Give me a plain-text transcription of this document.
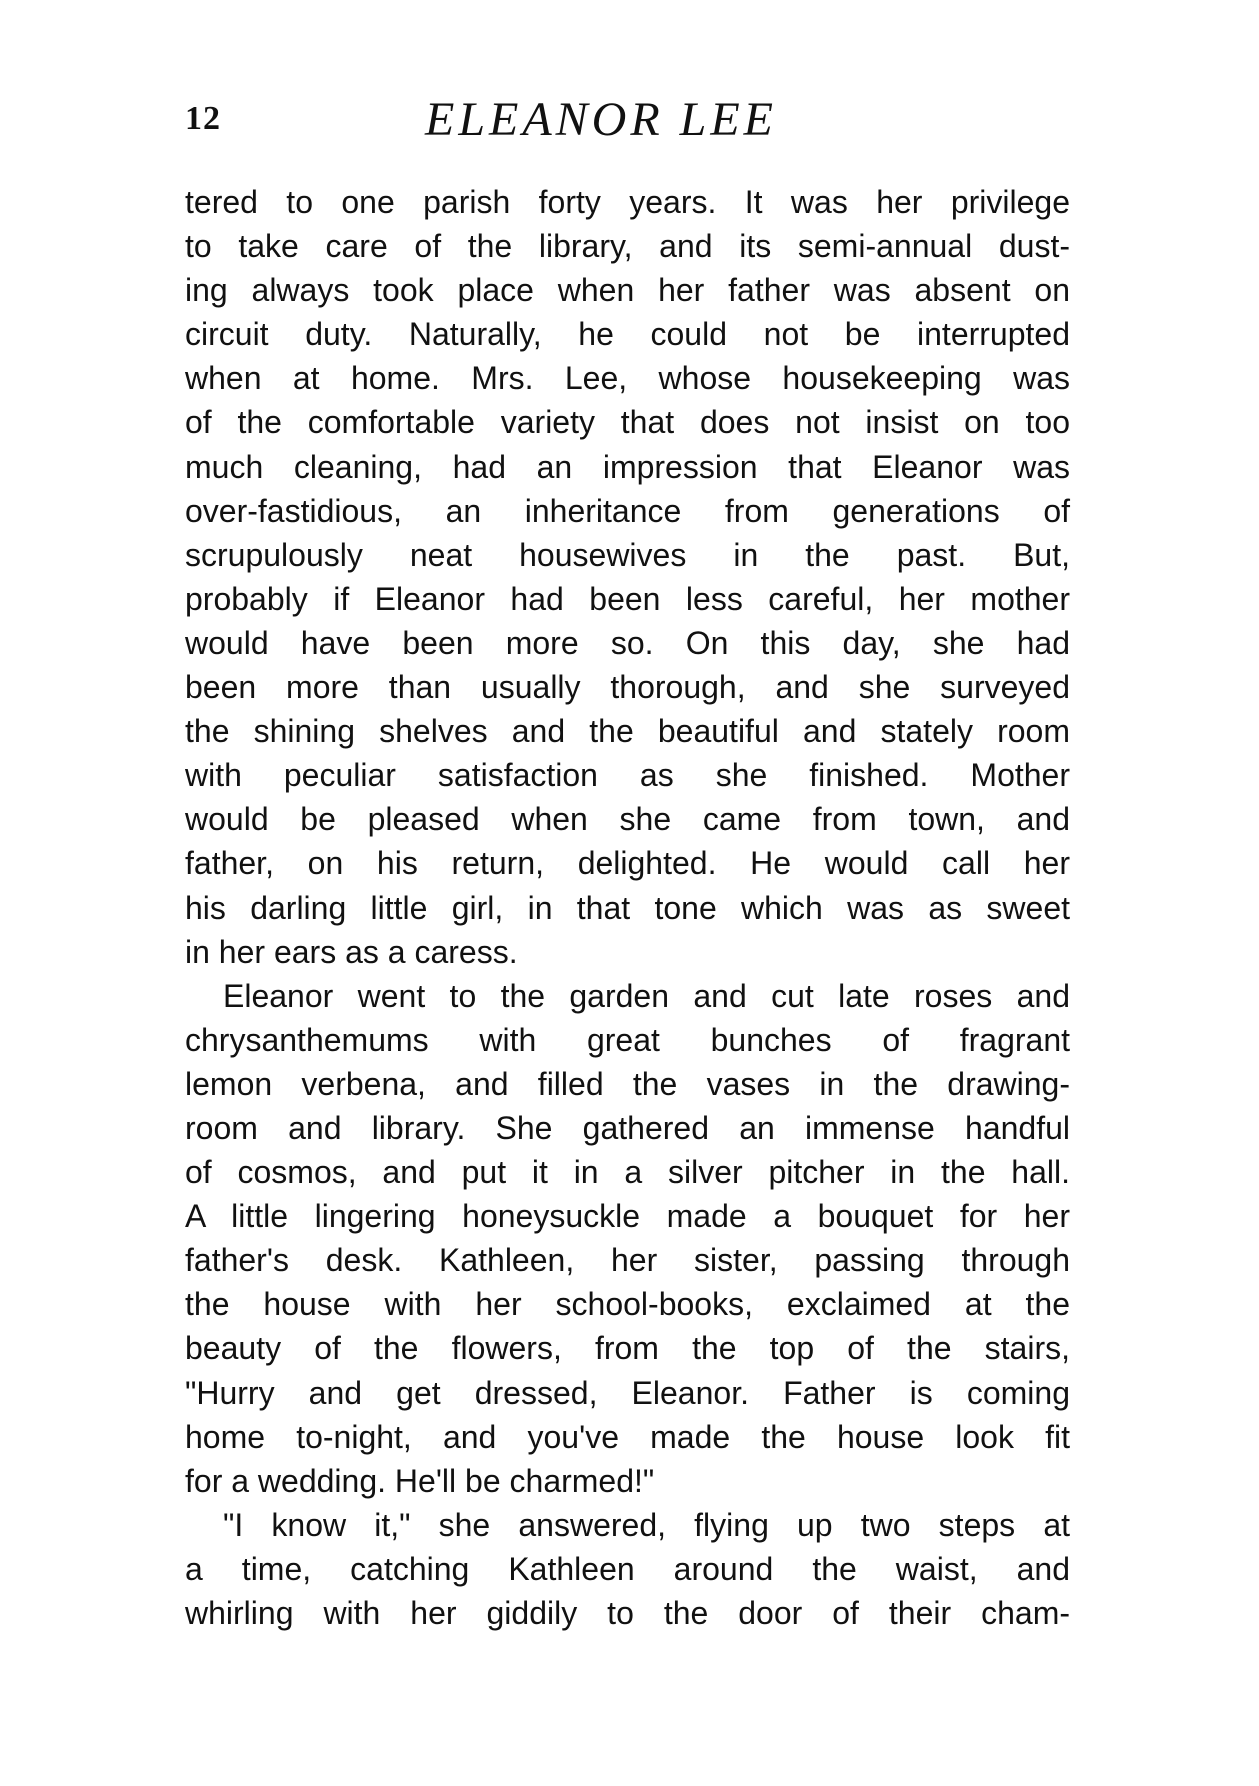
12	ELEANOR LEE
tered to one parish forty years. It was her privilege
to take care of the library, and its semi-annual dust-
ing always took place when her father was absent on
circuit duty. Naturally, he could not be interrupted
when at home. Mrs. Lee, whose housekeeping was
of the comfortable variety that does not insist on too
much cleaning, had an impression that Eleanor was
over-fastidious, an inheritance from generations of
scrupulously neat housewives in the past. But,
probably if Eleanor had been less careful, her mother
would have been more so. On this day, she had
been more than usually thorough, and she surveyed
the shining shelves and the beautiful and stately room
with peculiar satisfaction as she finished. Mother
would be pleased when she came from town, and
father, on his return, delighted. He would call her
his darling little girl, in that tone which was as sweet
in her ears as a caress.
Eleanor went to the garden and cut late roses and
chrysanthemums with great bunches of fragrant
lemon verbena, and filled the vases in the drawing-
room and library. She gathered an immense handful
of cosmos, and put it in a silver pitcher in the hall.
A little lingering honeysuckle made a bouquet for her
father's desk. Kathleen, her sister, passing through
the house with her school-books, exclaimed at the
beauty of the flowers, from the top of the stairs,
"Hurry and get dressed, Eleanor. Father is coming
home to-night, and you've made the house look fit
for a wedding. He'll be charmed!"
"I know it," she answered, flying up two steps at
a time, catching Kathleen around the waist, and
whirling with her giddily to the door of their cham-
